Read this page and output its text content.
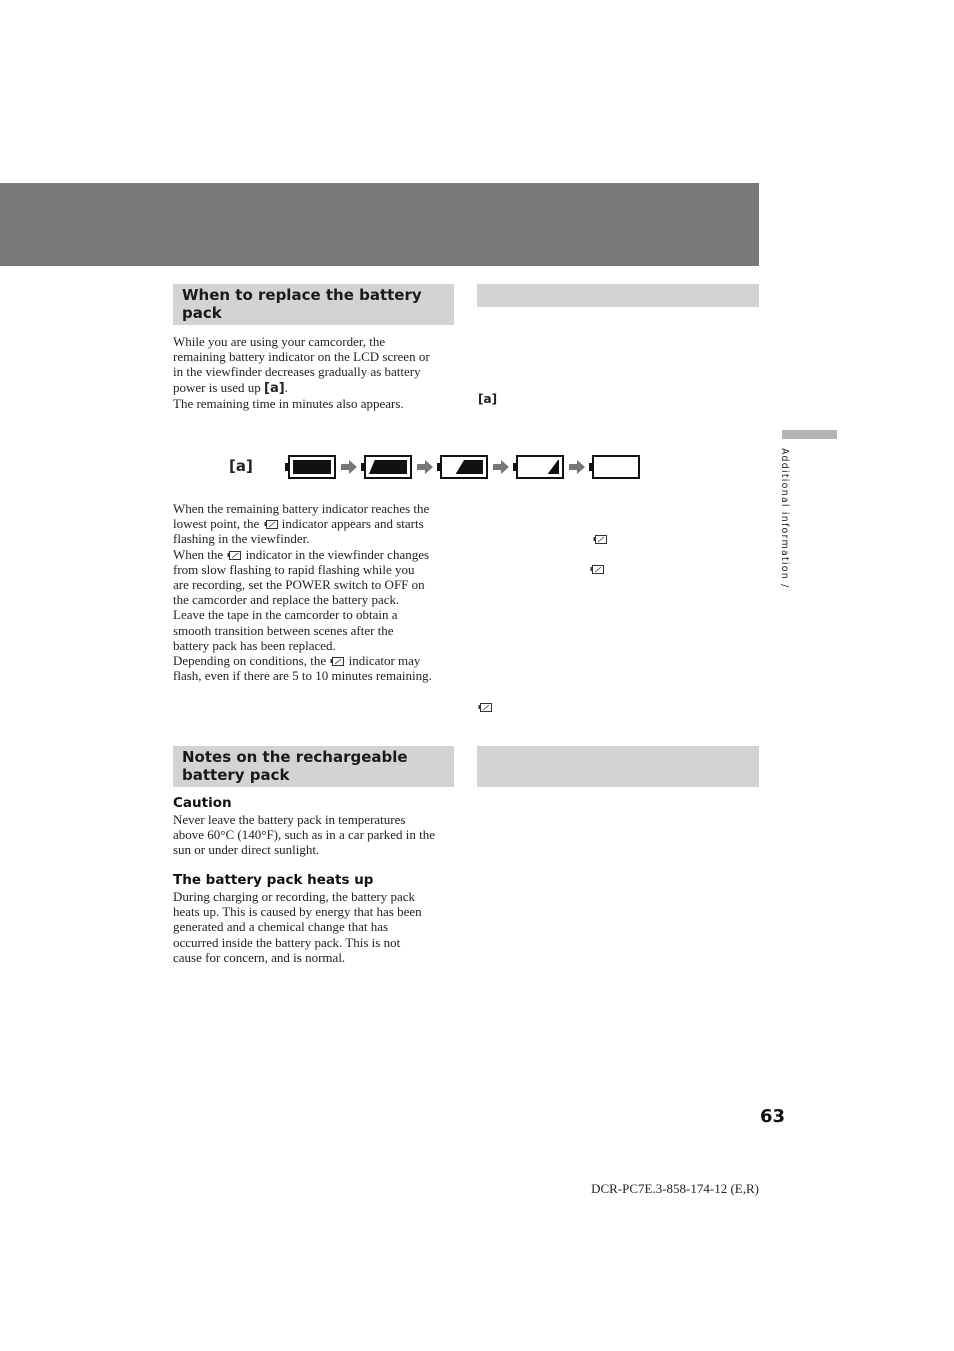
When to replace the battery pack

While you are using your camcorder, the

remaining battery indicator on the LCD screen or

in the viewfinder decreases gradually as battery

power is used up [a].

The remaining time in minutes also appears.	[a]
[a]

When the remaining battery indicator reaches the

lowest point, the  indicator appears and starts

flashing in the viewfinder.

When the  indicator in the viewfinder changes

from slow flashing to rapid flashing while you

are recording, set the POWER switch to OFF on

the camcorder and replace the battery pack.

Leave the tape in the camcorder to obtain a

smooth transition between scenes after the

battery pack has been replaced.

Depending on conditions, the  indicator may

flash, even if there are 5 to 10 minutes remaining.

Notes on the rechargeable battery pack
Caution

Never leave the battery pack in temperatures

above 60°C (140°F), such as in a car parked in the

sun or under direct sunlight.

The battery pack heats up

During charging or recording, the battery pack

heats up. This is caused by energy that has been

generated and a chemical change that has

occurred inside the battery pack. This is not

cause for concern, and is normal.

Additional information /
63
DCR-PC7E.3-858-174-12 (E,R)
